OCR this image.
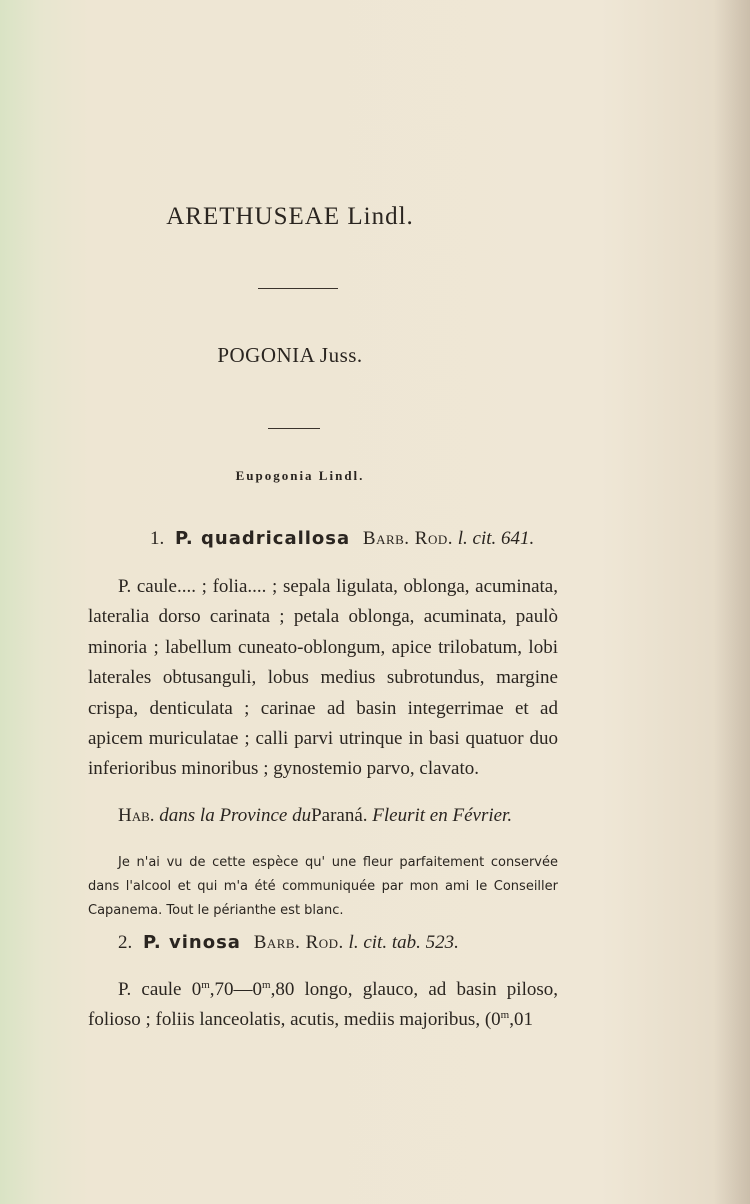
ARETHUSEAE Lindl.
POGONIA Juss.
Eupogonia Lindl.
1. P. quadricallosa Barb. Rod. l. cit. 641.
P. caule.... ; folia.... ; sepala ligulata, oblonga, acuminata, lateralia dorso carinata ; petala oblonga, acuminata, paulò minoria ; labellum cuneato-oblongum, apice trilobatum, lobi laterales obtusanguli, lobus medius subrotundus, margine crispa, denticulata ; carinae ad basin integerrimae et ad apicem muriculatae ; calli parvi utrinque in basi quatuor duo inferioribus minoribus ; gynostemio parvo, clavato.
Hab. dans la Province duParaná. Fleurit en Février.
Je n'ai vu de cette espèce qu' une fleur parfaitement conservée dans l'alcool et qui m'a été communiquée par mon ami le Conseiller Capanema. Tout le périanthe est blanc.
2. P. vinosa Barb. Rod. l. cit. tab. 523.
P. caule 0$^m$,70—0$^m$,80 longo, glauco, ad basin piloso, folioso ; foliis lanceolatis, acutis, mediis majoribus, (0$^m$,01
